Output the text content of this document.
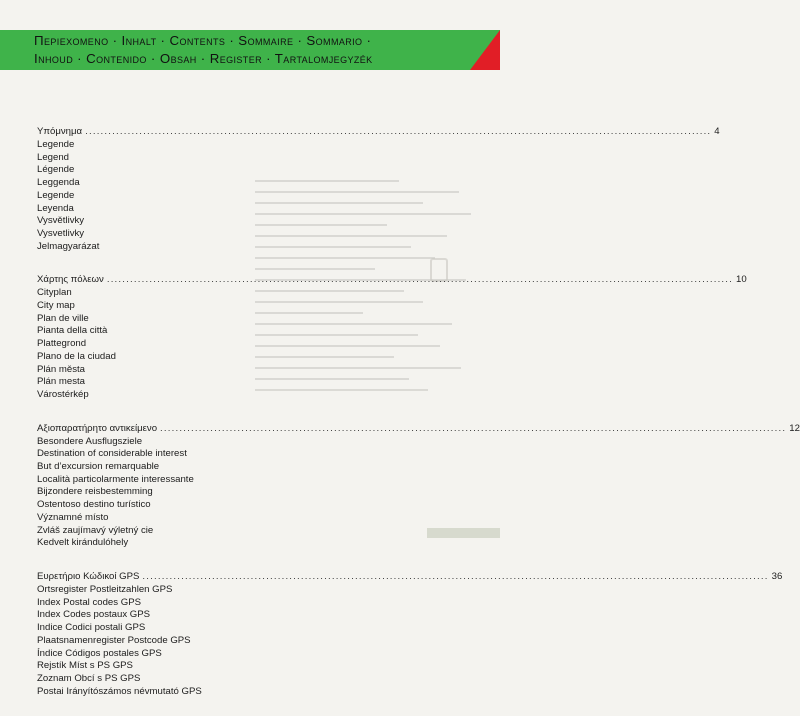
Περιεχομενο · Inhalt · Contents · Sommaire · Sommario ·
Inhoud · Contenido · Obsah · Register · Tartalomjegyzék
Υπόμνημα .................................................................................................................................................................. 4
Legende
Legend
Légende
Leggenda
Legende
Leyenda
Vysvětlivky
Vysvetlivky
Jelmagyarázat
Χάρτης πόλεων .................................................................................................................................................................. 10
Cityplan
City map
Plan de ville
Pianta della città
Plattegrond
Plano de la ciudad
Plán města
Plán mesta
Várostérkép
Αξιοπαρατήρητο αντικείμενο .................................................................................................................................................................. 12
Besondere Ausflugsziele
Destination of considerable interest
But d’excursion remarquable
Località particolarmente interessante
Bijzondere reisbestemming
Ostentoso destino turístico
Významné místo
Zvláš zaujímavý výletný cie
Kedvelt kirándulóhely
Ευρετήριο Κώδικοί GPS .................................................................................................................................................................. 36
Ortsregister Postleitzahlen GPS
Index Postal codes GPS
Index Codes postaux GPS
Indice Codici postali GPS
Plaatsnamenregister Postcode GPS
Índice Códigos postales GPS
Rejstík Míst s PS GPS
Zoznam Obcí s PS GPS
Postai Irányítószámos névmutató GPS
